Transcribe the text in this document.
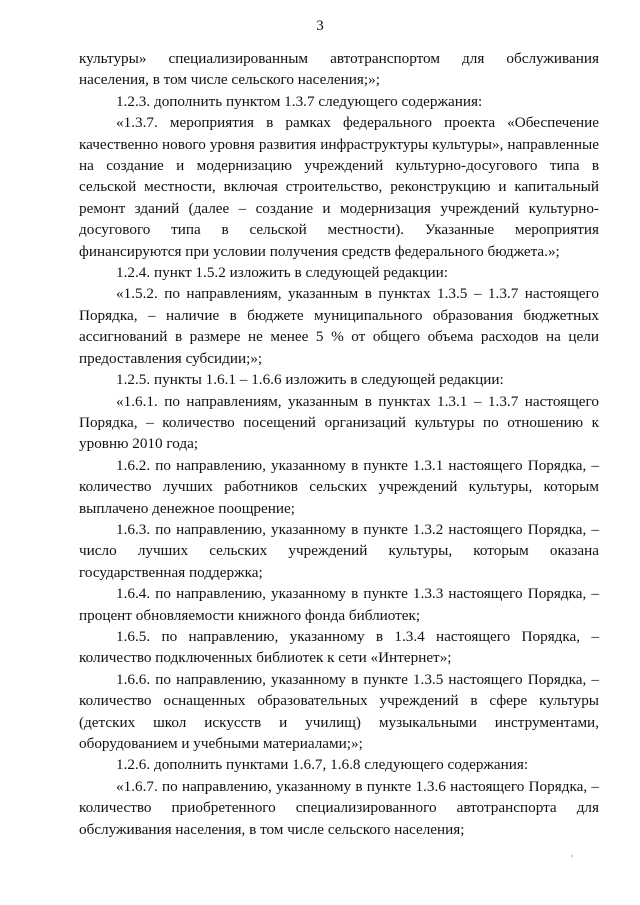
3

культуры» специализированным автотранспортом для обслуживания населения, в том числе сельского населения;»;

1.2.3. дополнить пунктом 1.3.7 следующего содержания:

«1.3.7. мероприятия в рамках федерального проекта «Обеспечение качественно нового уровня развития инфраструктуры культуры», направленные на создание и модернизацию учреждений культурно-досугового типа в сельской местности, включая строительство, реконструкцию и капитальный ремонт зданий (далее – создание и модернизация учреждений культурно-досугового типа в сельской местности). Указанные мероприятия финансируются при условии получения средств федерального бюджета.»;

1.2.4. пункт 1.5.2 изложить в следующей редакции:

«1.5.2. по направлениям, указанным в пунктах 1.3.5 – 1.3.7 настоящего Порядка, – наличие в бюджете муниципального образования бюджетных ассигнований в размере не менее 5 % от общего объема расходов на цели предоставления субсидии;»;

1.2.5. пункты 1.6.1 – 1.6.6 изложить в следующей редакции:

«1.6.1. по направлениям, указанным в пунктах 1.3.1 – 1.3.7 настоящего Порядка, – количество посещений организаций культуры по отношению к уровню 2010 года;

1.6.2. по направлению, указанному в пункте 1.3.1 настоящего Порядка, – количество лучших работников сельских учреждений культуры, которым выплачено денежное поощрение;

1.6.3. по направлению, указанному в пункте 1.3.2 настоящего Порядка, – число лучших сельских учреждений культуры, которым оказана государственная поддержка;

1.6.4. по направлению, указанному в пункте 1.3.3 настоящего Порядка, – процент обновляемости книжного фонда библиотек;

1.6.5. по направлению, указанному в 1.3.4 настоящего Порядка, – количество подключенных библиотек к сети «Интернет»;

1.6.6. по направлению, указанному в пункте 1.3.5 настоящего Порядка, – количество оснащенных образовательных учреждений в сфере культуры (детских школ искусств и училищ) музыкальными инструментами, оборудованием и учебными материалами;»;

1.2.6. дополнить пунктами 1.6.7, 1.6.8 следующего содержания:

«1.6.7. по направлению, указанному в пункте 1.3.6 настоящего Порядка, – количество приобретенного специализированного автотранспорта для обслуживания населения, в том числе сельского населения;
